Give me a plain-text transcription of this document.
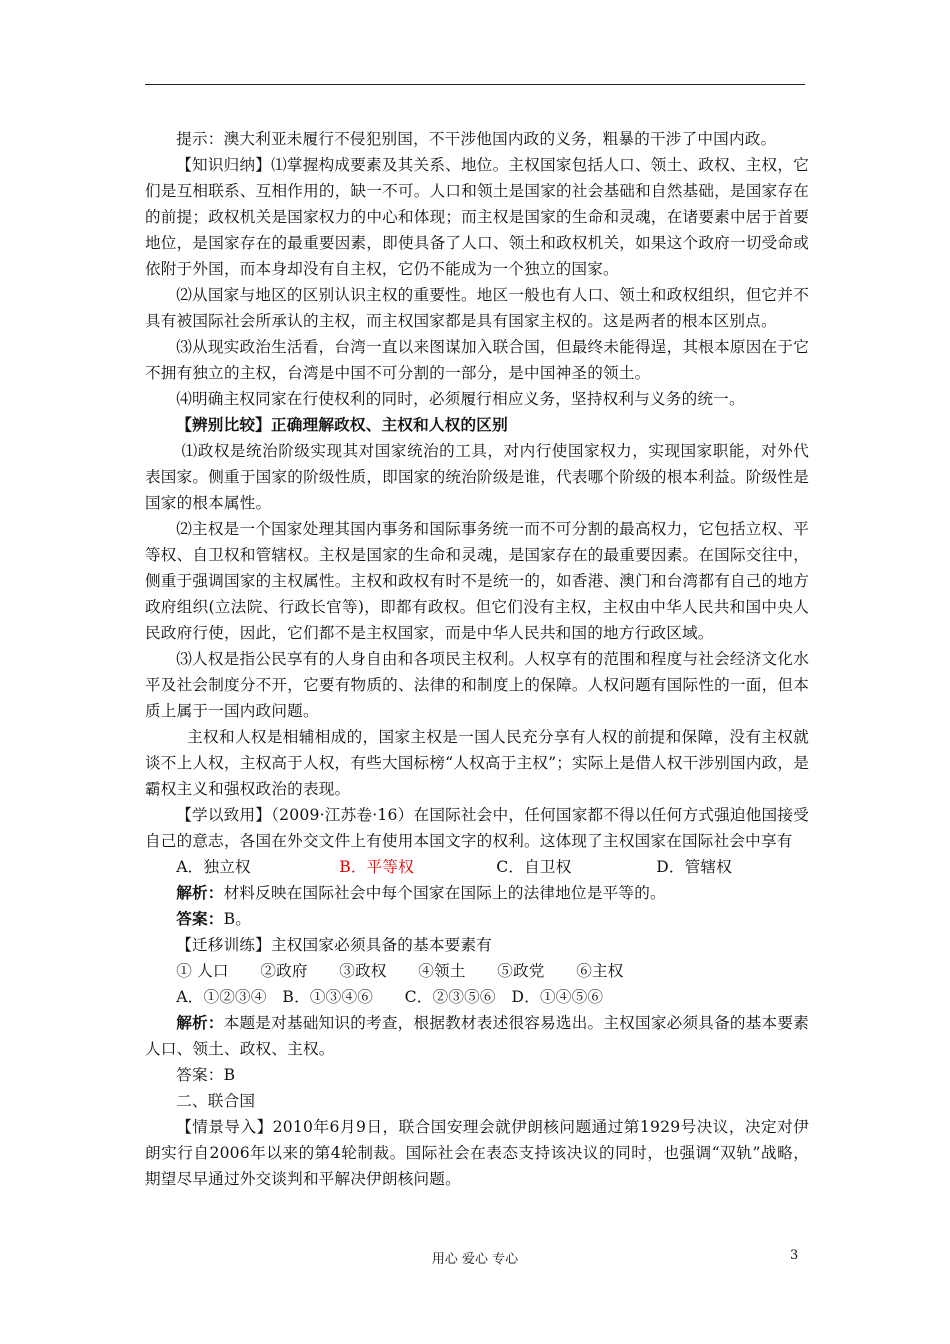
提示：澳大利亚未履行不侵犯别国，不干涉他国内政的义务，粗暴的干涉了中国内政。

【知识归纳】⑴掌握构成要素及其关系、地位。主权国家包括人口、领土、政权、主权，它们是互相联系、互相作用的，缺一不可。人口和领土是国家的社会基础和自然基础，是国家存在的前提；政权机关是国家权力的中心和体现；而主权是国家的生命和灵魂，在诸要素中居于首要地位，是国家存在的最重要因素，即使具备了人口、领土和政权机关，如果这个政府一切受命或依附于外国，而本身却没有自主权，它仍不能成为一个独立的国家。

⑵从国家与地区的区别认识主权的重要性。地区一般也有人口、领土和政权组织，但它并不具有被国际社会所承认的主权，而主权国家都是具有国家主权的。这是两者的根本区别点。

⑶从现实政治生活看，台湾一直以来图谋加入联合国，但最终未能得逞，其根本原因在于它不拥有独立的主权，台湾是中国不可分割的一部分，是中国神圣的领土。

⑷明确主权同家在行使权利的同时，必须履行相应义务，坚持权利与义务的统一。

【辨别比较】正确理解政权、主权和人权的区别

⑴政权是统治阶级实现其对国家统治的工具，对内行使国家权力，实现国家职能，对外代表国家。侧重于国家的阶级性质，即国家的统治阶级是谁，代表哪个阶级的根本利益。阶级性是国家的根本属性。

⑵主权是一个国家处理其国内事务和国际事务统一而不可分割的最高权力，它包括立权、平等权、自卫权和管辖权。主权是国家的生命和灵魂，是国家存在的最重要因素。在国际交往中，侧重于强调国家的主权属性。主权和政权有时不是统一的，如香港、澳门和台湾都有自己的地方政府组织(立法院、行政长官等)，即都有政权。但它们没有主权，主权由中华人民共和国中央人民政府行使，因此，它们都不是主权国家，而是中华人民共和国的地方行政区域。

⑶人权是指公民享有的人身自由和各项民主权利。人权享有的范围和程度与社会经济文化水平及社会制度分不开，它要有物质的、法律的和制度上的保障。人权问题有国际性的一面，但本质上属于一国内政问题。

主权和人权是相辅相成的，国家主权是一国人民充分享有人权的前提和保障，没有主权就谈不上人权，主权高于人权，有些大国标榜“人权高于主权”；实际上是借人权干涉别国内政，是霸权主义和强权政治的表现。

【学以致用】（2009·江苏卷·16）在国际社会中，任何国家都不得以任何方式强迫他国接受自己的意志，各国在外交文件上有使用本国文字的权利。这体现了主权国家在国际社会中享有

A．独立权	B．平等权	C．自卫权	D．管辖权

解析：材料反映在国际社会中每个国家在国际上的法律地位是平等的。

答案：B。

【迁移训练】主权国家必须具备的基本要素有

① 人口　　②政府　　③政权　　④领土　　⑤政党　　⑥主权

A．①②③④　B．①③④⑥　　C．②③⑤⑥　D．①④⑤⑥

解析：本题是对基础知识的考查，根据教材表述很容易选出。主权国家必须具备的基本要素人口、领土、政权、主权。

答案：B

二、联合国

【情景导入】2010年6月9日，联合国安理会就伊朗核问题通过第1929号决议，决定对伊朗实行自2006年以来的第4轮制裁。国际社会在表态支持该决议的同时，也强调“双轨”战略，期望尽早通过外交谈判和平解决伊朗核问题。

用心 爱心 专心	3
